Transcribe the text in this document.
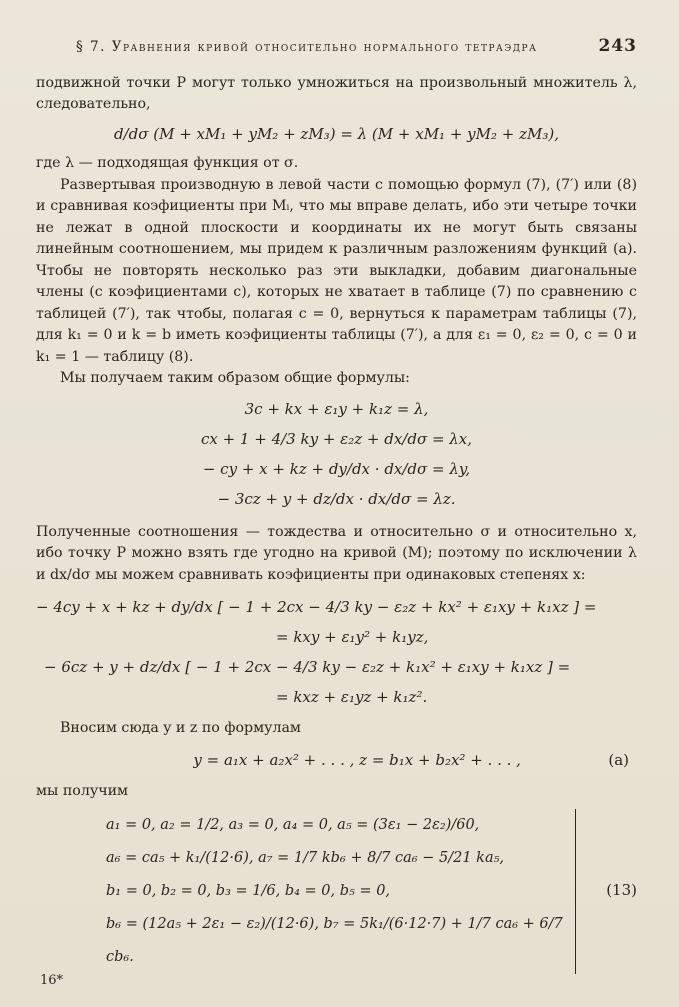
§ 7. Уравнения кривой относительно нормального тетраэдра	243

подвижной точки P могут только умножиться на произвольный множитель λ, следовательно,

d/dσ (M + xM₁ + yM₂ + zM₃) = λ (M + xM₁ + yM₂ + zM₃),

где λ — подходящая функция от σ.

Развертывая производную в левой части с помощью формул (7), (7′) или (8) и сравнивая коэфициенты при Mᵢ, что мы вправе делать, ибо эти четыре точки не лежат в одной плоскости и координаты их не могут быть связаны линейным соотношением, мы придем к различным разложениям функций (a). Чтобы не повторять несколько раз эти выкладки, добавим диагональные члены (с коэфициентами c), которых не хватает в таблице (7) по сравнению с таблицей (7′), так чтобы, полагая c = 0, вернуться к параметрам таблицы (7), для k₁ = 0 и k = b иметь коэфициенты таблицы (7′), а для ε₁ = 0, ε₂ = 0, c = 0 и k₁ = 1 — таблицу (8).

Мы получаем таким образом общие формулы:

3c + kx + ε₁y + k₁z = λ,
cx + 1 + 4/3 ky + ε₂z + dx/dσ = λx,
− cy + x + kz + dy/dx · dx/dσ = λy,
− 3cz + y + dz/dx · dx/dσ = λz.

Полученные соотношения — тождества и относительно σ и относительно x, ибо точку P можно взять где угодно на кривой (M); поэтому по исключении λ и dx/dσ мы можем сравнивать коэфициенты при одинаковых степенях x:

− 4cy + x + kz + dy/dx [ − 1 + 2cx − 4/3 ky − ε₂z + kx² + ε₁xy + k₁xz ] =
= kxy + ε₁y² + k₁yz,
− 6cz + y + dz/dx [ − 1 + 2cx − 4/3 ky − ε₂z + k₁x² + ε₁xy + k₁xz ] =
= kxz + ε₁yz + k₁z².

Вносим сюда y и z по формулам

y = a₁x + a₂x² + . . . , z = b₁x + b₂x² + . . . ,	(a)

мы получим

a₁ = 0, a₂ = 1/2, a₃ = 0, a₄ = 0, a₅ = (3ε₁ − 2ε₂)/60,
a₆ = ca₅ + k₁/(12·6), a₇ = 1/7 kb₆ + 8/7 ca₆ − 5/21 ka₅,
b₁ = 0, b₂ = 0, b₃ = 1/6, b₄ = 0, b₅ = 0,
b₆ = (12a₅ + 2ε₁ − ε₂)/(12·6), b₇ = 5k₁/(6·12·7) + 1/7 ca₆ + 6/7 cb₆.
(13)
16*
